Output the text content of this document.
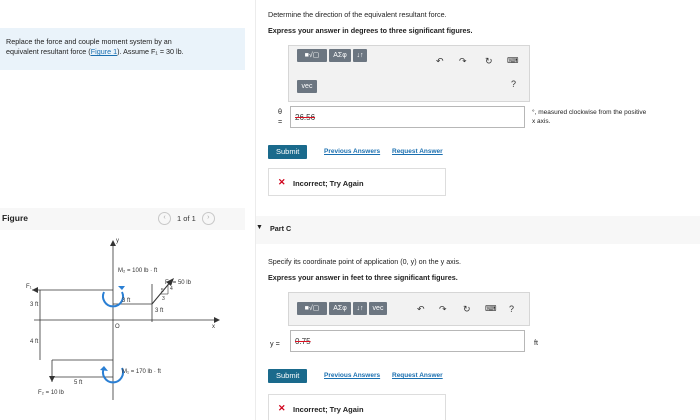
Replace the force and couple moment system by an
equivalent resultant force (Figure 1). Assume F₁ = 30 lb.
Figure	‹	1 of 1	›
y
x
O
M₂ = 100 lb · ft
F₃ = 50 lb
M₁ = 170 lb · ft
F₁
F₂ = 10 lb
3 ft
3 ft
4 ft
5 ft
3 ft
5
3
4
Determine the direction of the equivalent resultant force.
Express your answer in degrees to three significant figures.
■√▢	ΑΣφ	↓↑
vec
↶ ↷ ↻ ⌨
?
θ
= 26.56
°, measured clockwise from the positive
x axis.
Submit	Previous Answers Request Answer
✕ Incorrect; Try Again
▼ Part C
Specify its coordinate point of application (0, y) on the y axis.
Express your answer in feet to three significant figures.
■√▢	ΑΣφ	↓↑	vec	↶ ↷ ↻ ⌨ ?
y = 0.75	ft
Submit	Previous Answers Request Answer
✕ Incorrect; Try Again
